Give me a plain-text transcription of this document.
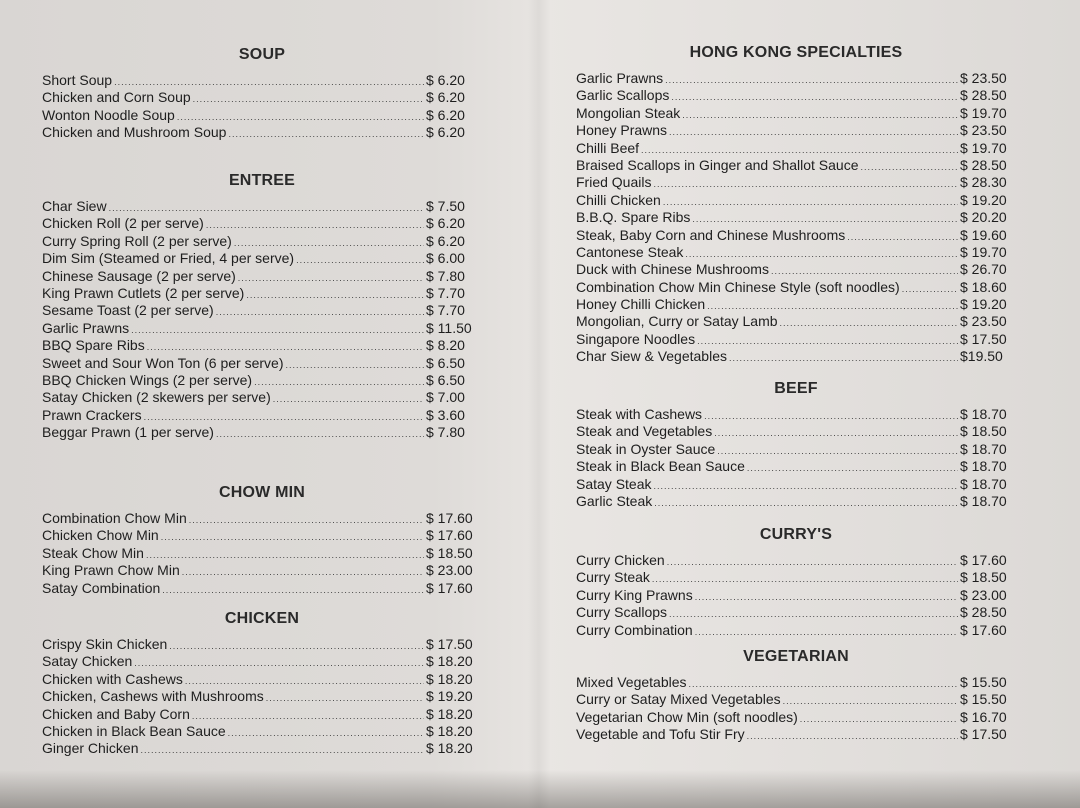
SOUP
Short Soup .....	$ 6.20
Chicken and Corn Soup .....	$ 6.20
Wonton Noodle Soup .....	$ 6.20
Chicken and Mushroom Soup .....	$ 6.20
ENTREE
Char Siew .....	$ 7.50
Chicken Roll (2 per serve) .....	$ 6.20
Curry Spring Roll (2 per serve) .....	$ 6.20
Dim Sim (Steamed or Fried, 4 per serve) .....	$ 6.00
Chinese Sausage (2 per serve) .....	$ 7.80
King Prawn Cutlets (2 per serve) .....	$ 7.70
Sesame Toast (2 per serve) .....	$ 7.70
Garlic Prawns .....	$ 11.50
BBQ Spare Ribs .....	$ 8.20
Sweet and Sour Won Ton (6 per serve) .....	$ 6.50
BBQ Chicken Wings (2 per serve) .....	$ 6.50
Satay Chicken (2 skewers per serve) .....	$ 7.00
Prawn Crackers .....	$ 3.60
Beggar Prawn (1 per serve) .....	$ 7.80
CHOW MIN
Combination Chow Min .....	$ 17.60
Chicken Chow Min .....	$ 17.60
Steak Chow Min .....	$ 18.50
King Prawn Chow Min .....	$ 23.00
Satay Combination .....	$ 17.60
CHICKEN
Crispy Skin Chicken .....	$ 17.50
Satay Chicken .....	$ 18.20
Chicken with Cashews .....	$ 18.20
Chicken, Cashews with Mushrooms .....	$ 19.20
Chicken and Baby Corn .....	$ 18.20
Chicken in Black Bean Sauce .....	$ 18.20
Ginger Chicken .....	$ 18.20
HONG KONG SPECIALTIES
Garlic Prawns .....	$ 23.50
Garlic Scallops .....	$ 28.50
Mongolian Steak .....	$ 19.70
Honey Prawns .....	$ 23.50
Chilli Beef .....	$ 19.70
Braised Scallops in Ginger and Shallot Sauce .....	$ 28.50
Fried Quails .....	$ 28.30
Chilli Chicken .....	$ 19.20
B.B.Q. Spare Ribs .....	$ 20.20
Steak, Baby Corn and Chinese Mushrooms .....	$ 19.60
Cantonese Steak .....	$ 19.70
Duck with Chinese Mushrooms .....	$ 26.70
Combination Chow Min Chinese Style (soft noodles) .....	$ 18.60
Honey Chilli Chicken .....	$ 19.20
Mongolian, Curry or Satay Lamb .....	$ 23.50
Singapore Noodles .....	$ 17.50
Char Siew & Vegetables .....	$19.50
BEEF
Steak with Cashews .....	$ 18.70
Steak and Vegetables .....	$ 18.50
Steak in Oyster Sauce .....	$ 18.70
Steak in Black Bean Sauce .....	$ 18.70
Satay Steak .....	$ 18.70
Garlic Steak .....	$ 18.70
CURRY'S
Curry Chicken .....	$ 17.60
Curry Steak .....	$ 18.50
Curry King Prawns .....	$ 23.00
Curry Scallops .....	$ 28.50
Curry Combination .....	$ 17.60
VEGETARIAN
Mixed Vegetables .....	$ 15.50
Curry or Satay Mixed Vegetables .....	$ 15.50
Vegetarian Chow Min (soft noodles) .....	$ 16.70
Vegetable and Tofu Stir Fry .....	$ 17.50
